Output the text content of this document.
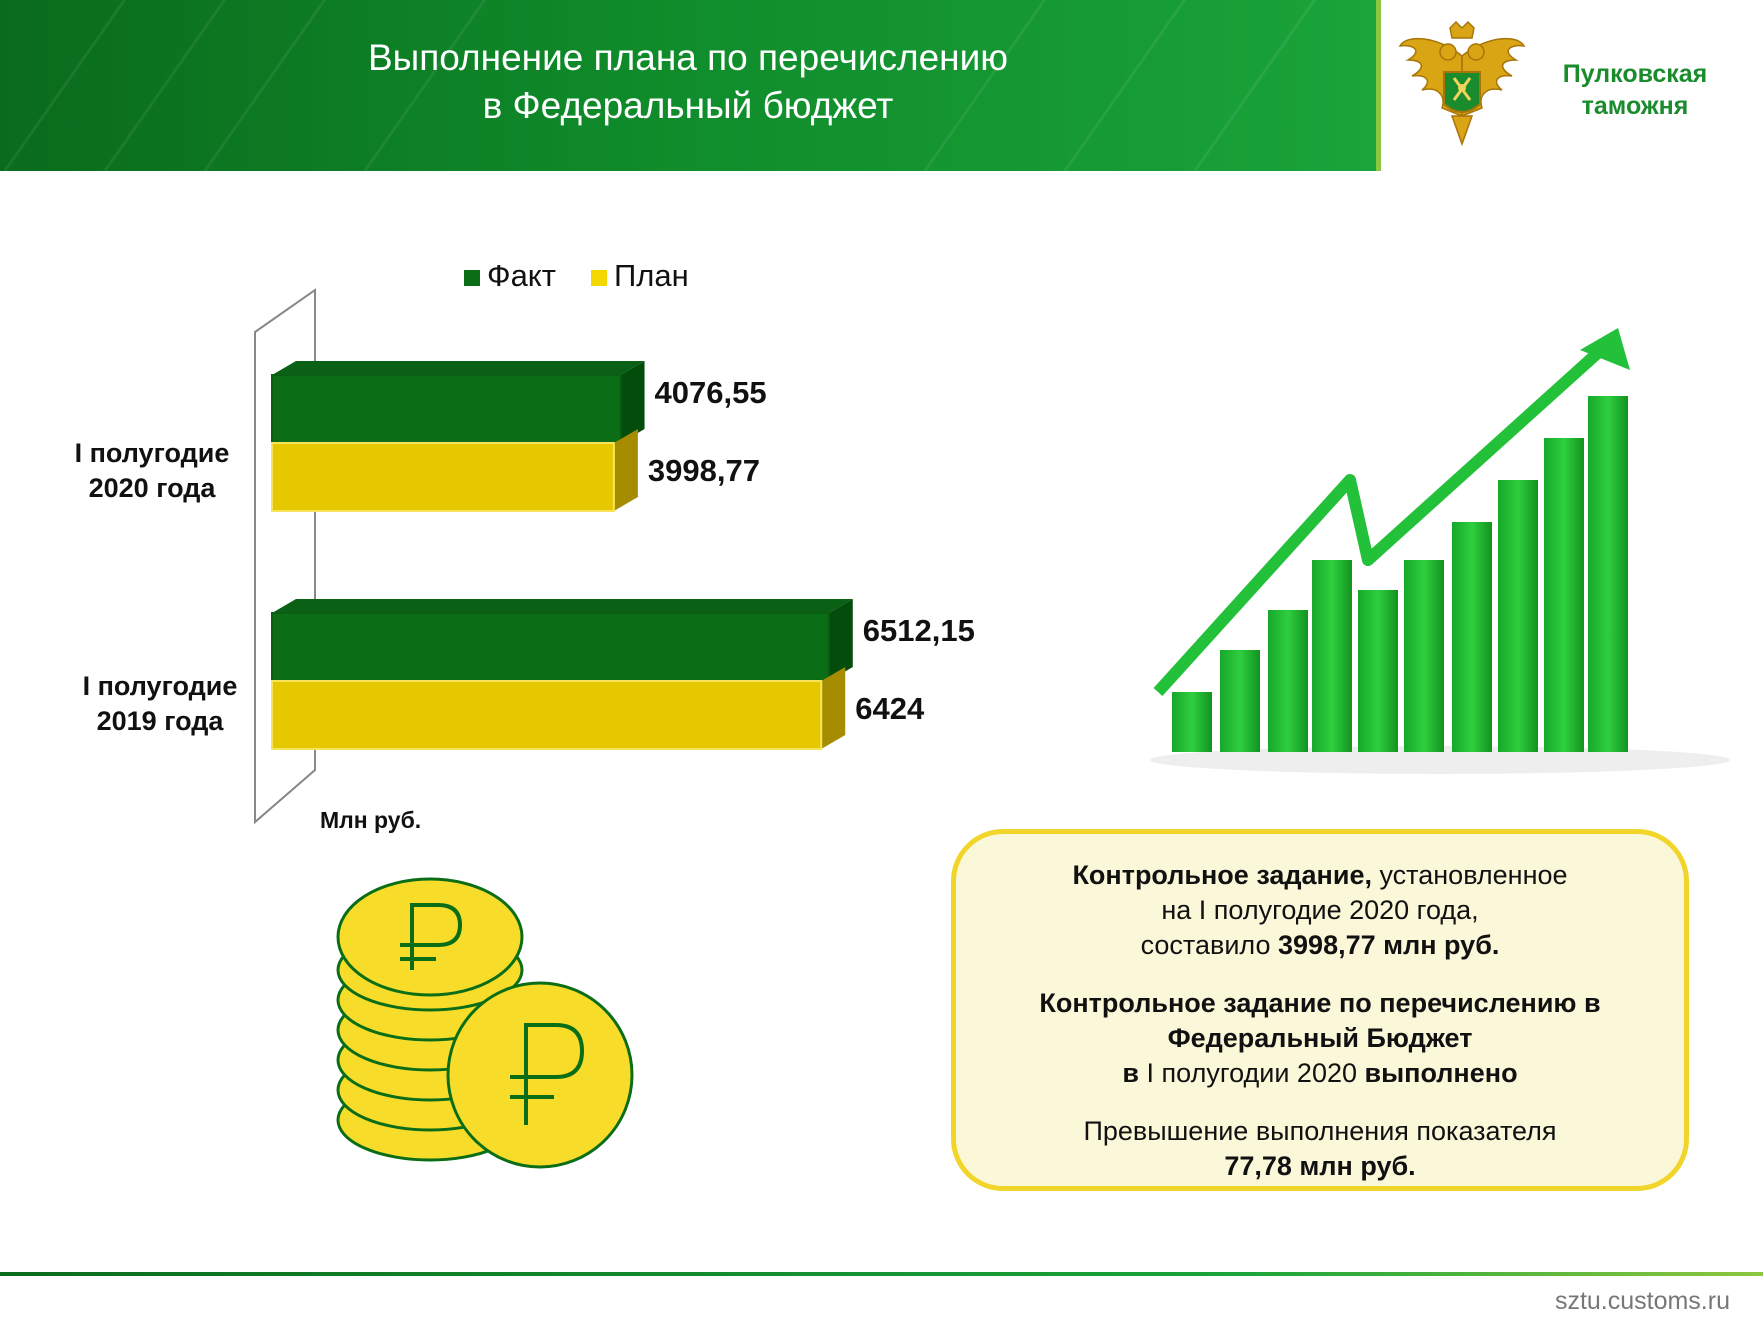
Выполнение плана по перечислению
в Федеральный бюджет
Пулковская
таможня
Факт План
Млн руб.
I полугодие 2020 года
4076,55
3998,77
I полугодие 2019 года
6512,15
6424

Контрольное задание, установленное
на I полугодие 2020 года,
составило 3998,77 млн руб.

Контрольное задание по перечислению в
Федеральный Бюджет
в I полугодии 2020 выполнено

Превышение выполнения показателя
77,78 млн руб.

sztu.customs.ru
